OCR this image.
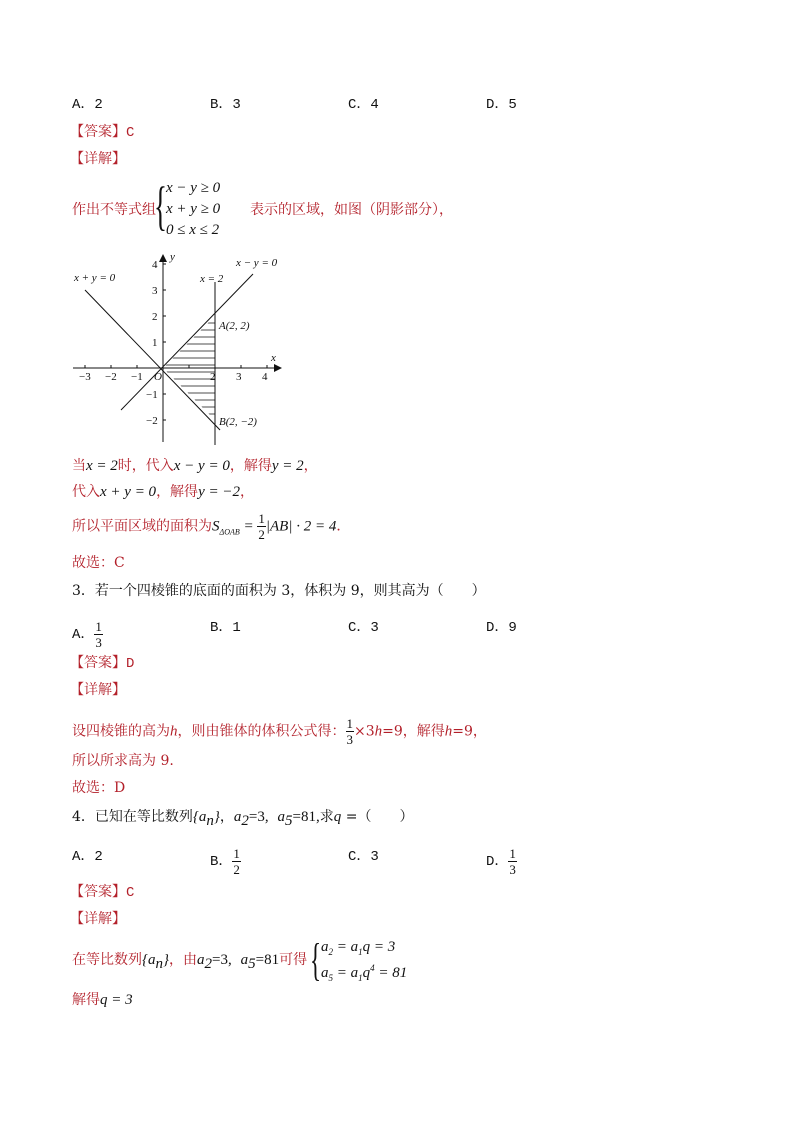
A．2	B．3	C．4	D．5
【答案】C
【详解】
作出不等式组
{ x − y ≥ 0
x + y ≥ 0
0 ≤ x ≤ 2
表示的区域，如图（阴影部分），
x + y = 0
x − y = 0
x = 2
x
y
O
A(2, 2)
B(2, −2)
−3 −2 −1	2 3 4
4
3
2
1
−1
−2
当x = 2时，代入x − y = 0，解得y = 2，
代入x + y = 0，解得y = −2，
所以平面区域的面积为$S_{\Delta OAB} = \frac{1}{2} |AB| \cdot 2 = 4$．
故选：C
3．若一个四棱锥的底面的面积为 3，体积为 9，则其高为（　　）
A． $\frac{1}{3}$	B．1	C．3	D．9
【答案】D
【详解】
设四棱锥的高为h，则由锥体的体积公式得： $\frac{1}{3} \times 3h=9$，解得h=9，
所以所求高为 9.
故选：D
4．已知在等比数列$\{a_n\}$，$a_2=3$, $a_5=81$,求q =（　　）
A．2	B． $\frac{1}{2}$	C．3	D． $\frac{1}{3}$
【答案】C
【详解】
在等比数列$\{a_n\}$，由$a_2=3$, $a_5=81$可得 { $a_2 = a_1q = 3$
$a_5 = a_1q^4 = 81$
解得q = 3
